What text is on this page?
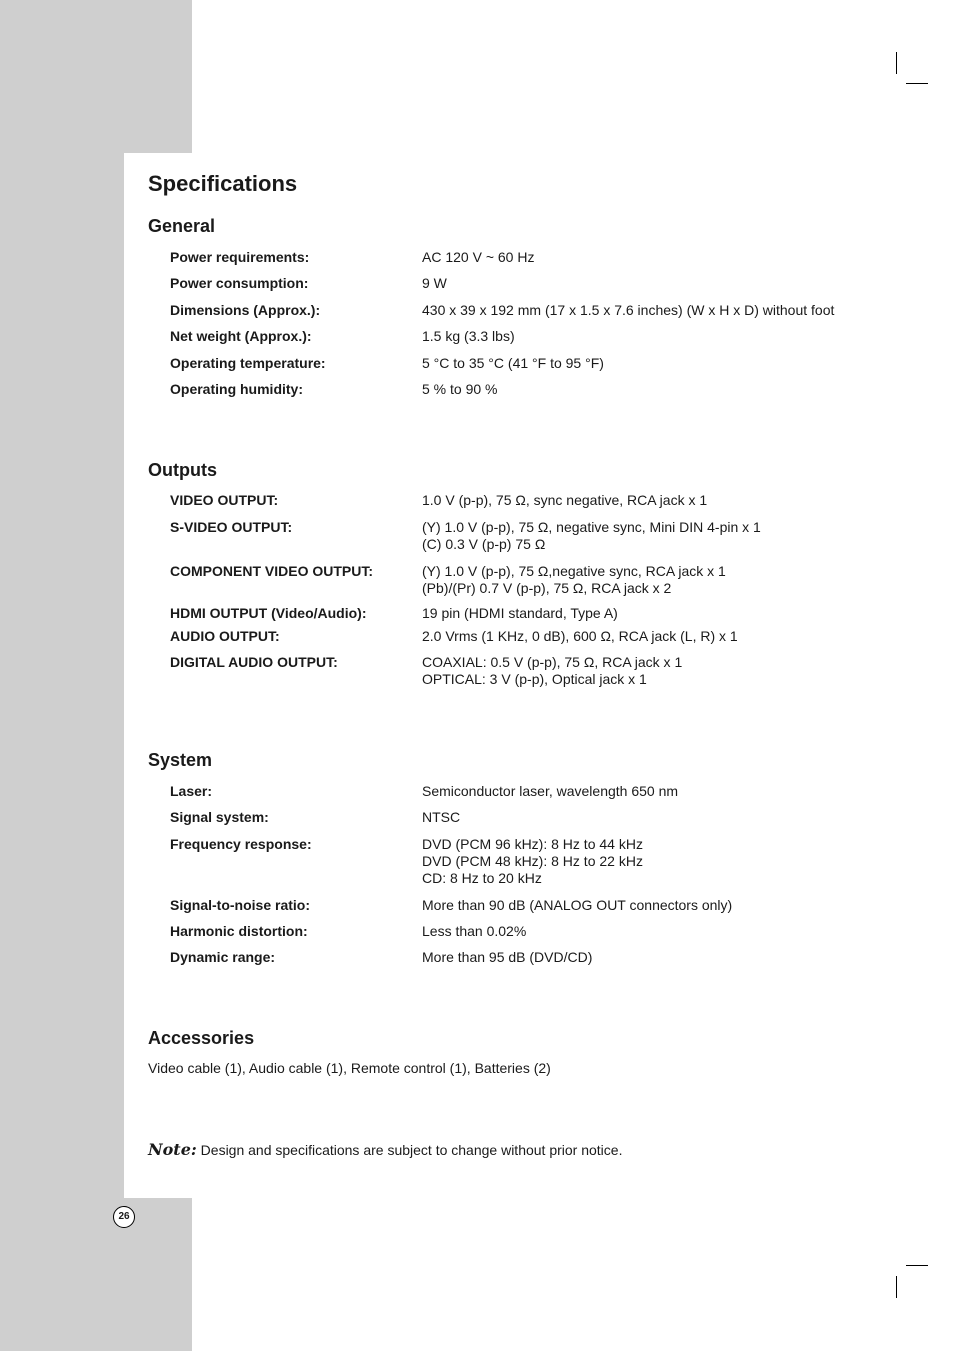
Specifications
General
Power requirements:	AC 120 V ~ 60 Hz
Power consumption:	9 W
Dimensions (Approx.):	430 x 39 x 192 mm (17 x 1.5 x 7.6 inches) (W x H x D) without foot
Net weight (Approx.):	1.5 kg (3.3 lbs)
Operating temperature:	5 °C to 35 °C (41 °F to 95 °F)
Operating humidity:	5 % to 90 %
Outputs
VIDEO OUTPUT:	1.0 V (p-p), 75 Ω, sync negative, RCA jack x 1
S-VIDEO OUTPUT:	(Y) 1.0 V (p-p), 75 Ω, negative sync, Mini DIN 4-pin x 1
(C) 0.3 V (p-p) 75 Ω
COMPONENT VIDEO OUTPUT:	(Y) 1.0 V (p-p), 75 Ω,negative sync, RCA jack x 1
(Pb)/(Pr) 0.7 V (p-p), 75 Ω, RCA jack x 2
HDMI OUTPUT (Video/Audio):	19 pin (HDMI standard, Type A)
AUDIO OUTPUT:	2.0 Vrms (1 KHz, 0 dB), 600 Ω, RCA jack (L, R) x 1
DIGITAL AUDIO OUTPUT:	COAXIAL: 0.5 V (p-p), 75 Ω, RCA jack x 1
OPTICAL: 3 V (p-p), Optical jack x 1
System
Laser:	Semiconductor laser, wavelength 650 nm
Signal system:	NTSC
Frequency response:	DVD (PCM 96 kHz): 8 Hz to 44 kHz
DVD (PCM 48 kHz): 8 Hz to 22 kHz
CD: 8 Hz to 20 kHz
Signal-to-noise ratio:	More than 90 dB (ANALOG OUT connectors only)
Harmonic distortion:	Less than 0.02%
Dynamic range:	More than 95 dB (DVD/CD)
Accessories
Video cable (1), Audio cable (1), Remote control (1), Batteries (2)
Note: Design and specifications are subject to change without prior notice.
26
